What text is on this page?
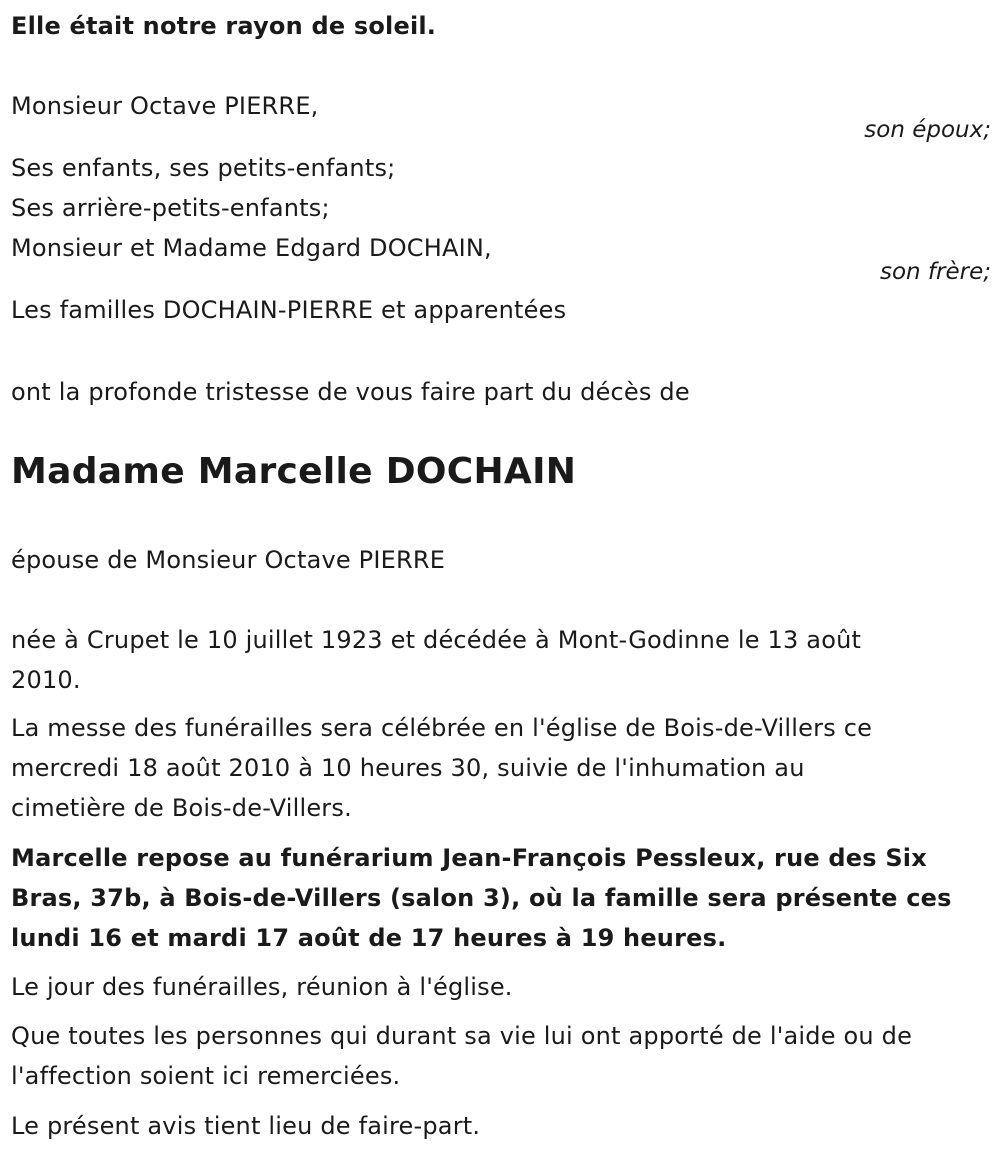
Elle était notre rayon de soleil.
Monsieur Octave PIERRE,
son époux;
Ses enfants, ses petits-enfants;
Ses arrière-petits-enfants;
Monsieur et Madame Edgard DOCHAIN,
son frère;
Les familles DOCHAIN-PIERRE et apparentées
ont la profonde tristesse de vous faire part du décès de
Madame Marcelle DOCHAIN
épouse de Monsieur Octave PIERRE
née à Crupet le 10 juillet 1923 et décédée à Mont-Godinne le 13 août
2010.
La messe des funérailles sera célébrée en l'église de Bois-de-Villers ce
mercredi 18 août 2010 à 10 heures 30, suivie de l'inhumation au
cimetière de Bois-de-Villers.
Marcelle repose au funérarium Jean-François Pessleux, rue des Six
Bras, 37b, à Bois-de-Villers (salon 3), où la famille sera présente ces
lundi 16 et mardi 17 août de 17 heures à 19 heures.
Le jour des funérailles, réunion à l'église.
Que toutes les personnes qui durant sa vie lui ont apporté de l'aide ou de
l'affection soient ici remerciées.
Le présent avis tient lieu de faire-part.
